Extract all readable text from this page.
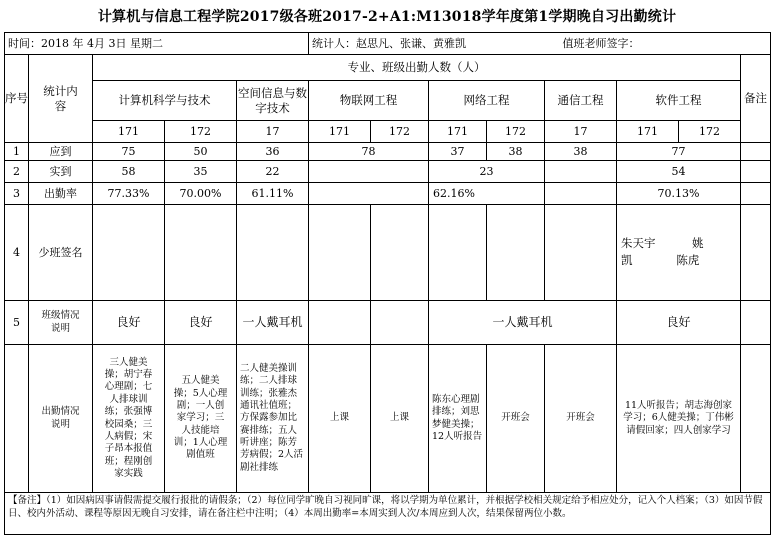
计算机与信息工程学院2017级各班2017-2+A1:M13018学年度第1学期晚自习出勤统计
时间：2018 年 4月 3日 星期二					统计人：赵思凡、张谦、黄雅凯				值班老师签字：			
序号	统计内容	专业、班级出勤人数（人）										备注
		计算机科学与技术		空间信息与数字技术	物联网工程		网络工程		通信工程	软件工程		
		171	172	17	171	172	171	172	17	171	172	
1	应到	75	50	36	78		37	38	38	77		
2	实到	58	35	22			23			54		
3	出勤率	77.33%	70.00%	61.11%			62.16%			70.13%		
4	少班签名									朱天宇          姚
凯            陈虎		

5	班级情况说明	良好	良好	一人戴耳机			一人戴耳机			良好		
	出勤情况说明	三人健美操；胡宁春心理剧；七人排球训练；张强博校园桑；三人病假；宋子昂本报值班；程刚创家实践	五人健美操；5人心理剧；一人创家学习；三人技能培训；1人心理剧值班	二人健美操训练；二人排球训练；张雅杰通讯社值班；方保露参加比赛排练；五人听讲座；陈芳芳病假；2人活剧社排练	上课	上课	陈东心理剧排练；刘思梦健美操；12人听报告	开班会	开班会	11人听报告；胡志海创家学习；6人健美操；丁伟彬请假回家；四人创家学习		
【备注】（1）如因病因事请假需提交履行报批的请假条；（2）每位同学旷晚自习视同旷课，将以学期为单位累计，并根据学校相关规定给予相应处分，记入个人档案；（3）如因节假日、校内外活动、课程等原因无晚自习安排，请在备注栏中注明；（4）本周出勤率=本周实到人次/本周应到人次，结果保留两位小数。												
